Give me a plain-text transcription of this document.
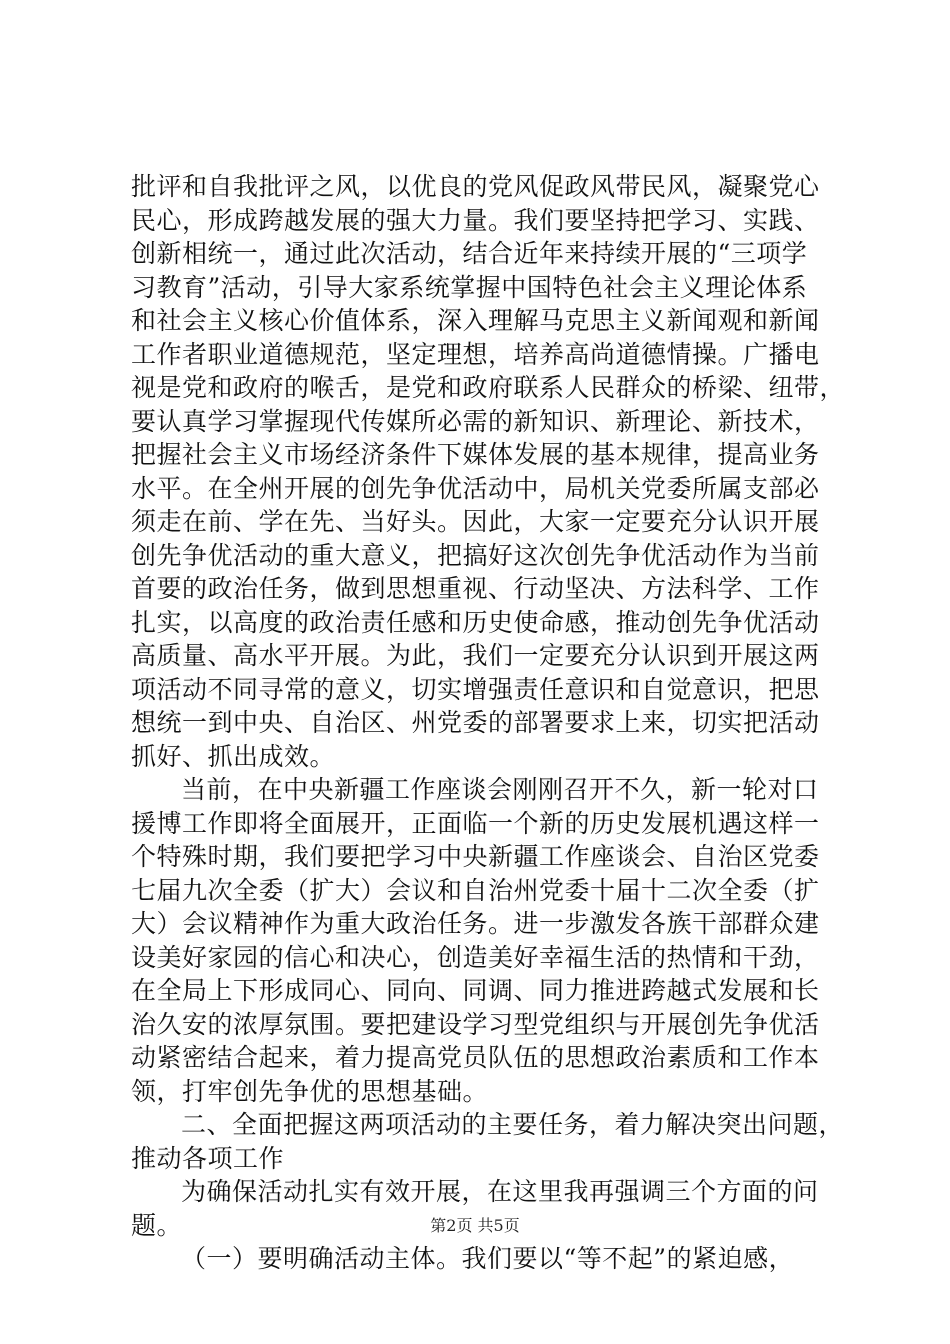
批评和自我批评之风，以优良的党风促政风带民风，凝聚党心
民心，形成跨越发展的强大力量。我们要坚持把学习、实践、
创新相统一，通过此次活动，结合近年来持续开展的“三项学
习教育”活动，引导大家系统掌握中国特色社会主义理论体系
和社会主义核心价值体系，深入理解马克思主义新闻观和新闻
工作者职业道德规范，坚定理想，培养高尚道德情操。广播电
视是党和政府的喉舌，是党和政府联系人民群众的桥梁、纽带，
要认真学习掌握现代传媒所必需的新知识、新理论、新技术，
把握社会主义市场经济条件下媒体发展的基本规律，提高业务
水平。在全州开展的创先争优活动中，局机关党委所属支部必
须走在前、学在先、当好头。因此，大家一定要充分认识开展
创先争优活动的重大意义，把搞好这次创先争优活动作为当前
首要的政治任务，做到思想重视、行动坚决、方法科学、工作
扎实，以高度的政治责任感和历史使命感，推动创先争优活动
高质量、高水平开展。为此，我们一定要充分认识到开展这两
项活动不同寻常的意义，切实增强责任意识和自觉意识，把思
想统一到中央、自治区、州党委的部署要求上来，切实把活动
抓好、抓出成效。
当前，在中央新疆工作座谈会刚刚召开不久，新一轮对口
援博工作即将全面展开，正面临一个新的历史发展机遇这样一
个特殊时期，我们要把学习中央新疆工作座谈会、自治区党委
七届九次全委（扩大）会议和自治州党委十届十二次全委（扩
大）会议精神作为重大政治任务。进一步激发各族干部群众建
设美好家园的信心和决心，创造美好幸福生活的热情和干劲，
在全局上下形成同心、同向、同调、同力推进跨越式发展和长
治久安的浓厚氛围。要把建设学习型党组织与开展创先争优活
动紧密结合起来，着力提高党员队伍的思想政治素质和工作本
领，打牢创先争优的思想基础。
二、全面把握这两项活动的主要任务，着力解决突出问题，
推动各项工作
为确保活动扎实有效开展，在这里我再强调三个方面的问
题。
（一）要明确活动主体。我们要以“等不起”的紧迫感，
第2页 共5页
